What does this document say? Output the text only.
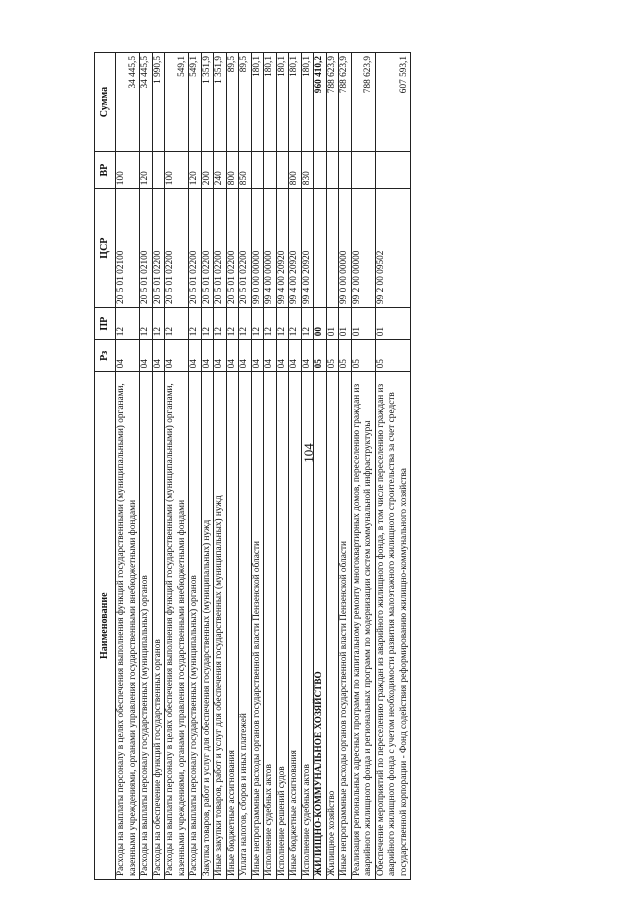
104
Наименование	Рз	ПР	ЦСР	ВР	Сумма
Расходы на выплаты персоналу в целях обеспечения выполнения функций государственными (муниципальными) органами, казенными учреждениями, органами управления государственными внебюджетными фондами	04	12	20 5 01 02100	100	34 445,5
Расходы на выплаты персоналу государственных (муниципальных) органов	04	12	20 5 01 02100	120	34 445,5
Расходы на обеспечение функций государственных органов	04	12	20 5 01 02200		1 990,5
Расходы на выплаты персоналу в целях обеспечения выполнения функций государственными (муниципальными) органами, казенными учреждениями, органами управления государственными внебюджетными фондами	04	12	20 5 01 02200	100	549,1
Расходы на выплаты персоналу государственных (муниципальных) органов	04	12	20 5 01 02200	120	549,1
Закупка товаров, работ и услуг для обеспечения государственных (муниципальных) нужд	04	12	20 5 01 02200	200	1 351,9
Иные закупки товаров, работ и услуг для обеспечения государственных (муниципальных) нужд	04	12	20 5 01 02200	240	1 351,9
Иные бюджетные ассигнования	04	12	20 5 01 02200	800	89,5
Уплата налогов, сборов и иных платежей	04	12	20 5 01 02200	850	89,5
Иные непрограммные расходы органов государственной власти Пензенской области	04	12	99 0 00 00000		180,1
Исполнение судебных актов	04	12	99 4 00 00000		180,1
Исполнение решений судов	04	12	99 4 00 20920		180,1
Иные бюджетные ассигнования	04	12	99 4 00 20920	800	180,1
Исполнение судебных актов	04	12	99 4 00 20920	830	180,1
ЖИЛИЩНО-КОММУНАЛЬНОЕ ХОЗЯЙСТВО	05	00			960 410,2
Жилищное хозяйство	05	01			788 623,9
Иные непрограммные расходы органов государственной власти Пензенской области	05	01	99 0 00 00000		788 623,9
Реализация региональных адресных программ по капитальному ремонту многоквартирных домов, переселению граждан из аварийного жилищного фонда и региональных программ по модернизации систем коммунальной инфраструктуры	05	01	99 2 00 00000		788 623,9
Обеспечение мероприятий по переселению граждан из аварийного жилищного фонда, в том числе переселению граждан из аварийного жилищного фонда с учетом необходимости развития малоэтажного жилищного строительства за счет средств государственной корпорации - Фонд содействия реформированию жилищно-коммунального хозяйства	05	01	99 2 00 09502		607 593,1
